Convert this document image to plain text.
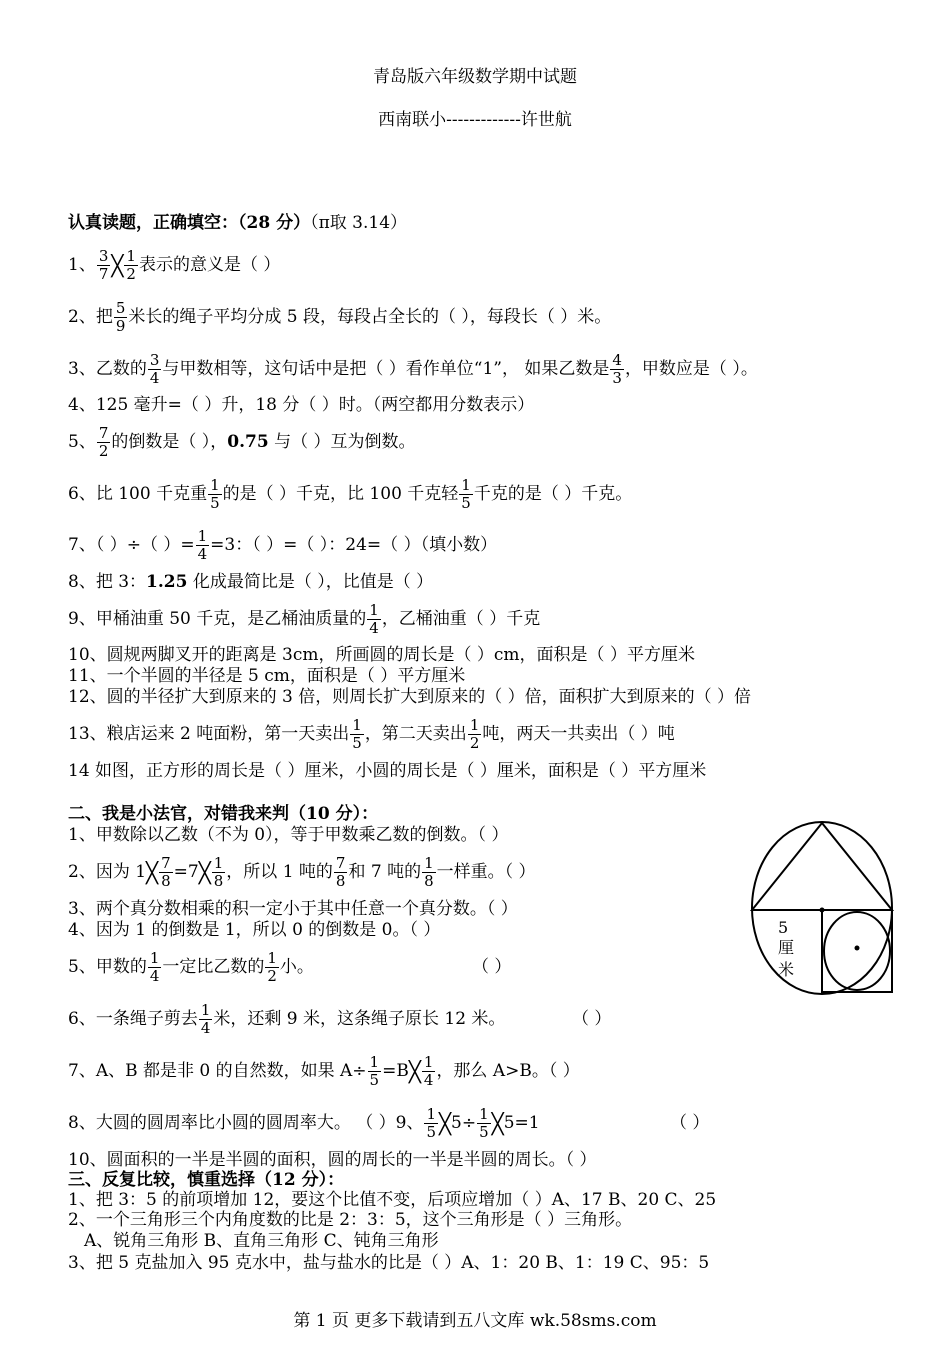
青岛版六年级数学期中试题
西南联小-------------许世航
认真读题，正确填空：（28 分）（π取 3.14）
1、 $\frac{3}{7}$ ╳ $\frac{1}{2}$ 表示的意义是（ ）
2、把 $\frac{5}{9}$ 米长的绳子平均分成 5 段，每段占全长的（ ），每段长（ ）米。
3、乙数的 $\frac{3}{4}$ 与甲数相等，这句话中是把（ ）看作单位“1”， 如果乙数是 $\frac{4}{3}$ ，甲数应是（ ）。
4、125 毫升=（ ）升，18 分（ ）时。（两空都用分数表示）
5、 $\frac{7}{2}$ 的倒数是（ ），0.75 与（ ）互为倒数。
6、比 100 千克重 $\frac{1}{5}$ 的是（ ）千克，比 100 千克轻 $\frac{1}{5}$ 千克的是（ ）千克。
7、（ ）÷（ ）= $\frac{1}{4} =3$：（ ）=（ ）：24=（ ）（填小数）
8、把 3：1.25 化成最简比是（ ），比值是（ ）
9、甲桶油重 50 千克，是乙桶油质量的 $\frac{1}{4}$ ，乙桶油重（ ）千克
10、圆规两脚叉开的距离是 3cm，所画圆的周长是（ ）cm，面积是（ ）平方厘米
11、一个半圆的半径是 5 cm，面积是（ ）平方厘米
12、圆的半径扩大到原来的 3 倍，则周长扩大到原来的（ ）倍，面积扩大到原来的（ ）倍
13、粮店运来 2 吨面粉，第一天卖出 $\frac{1}{5}$ ，第二天卖出 $\frac{1}{2}$ 吨，两天一共卖出（ ）吨
14 如图，正方形的周长是（ ）厘米，小圆的周长是（ ）厘米，面积是（ ）平方厘米
二、我是小法官，对错我来判（10 分）：
1、甲数除以乙数（不为 0），等于甲数乘乙数的倒数。（ ）
2、因为 1╳ $\frac{7}{8}$ =7╳ $\frac{1}{8}$ ，所以 1 吨的 $\frac{7}{8}$ 和 7 吨的 $\frac{1}{8}$ 一样重。（ ）
3、两个真分数相乘的积一定小于其中任意一个真分数。（ ）
4、因为 1 的倒数是 1，所以 0 的倒数是 0。（ ）
5、甲数的 $\frac{1}{4}$ 一定比乙数的 $\frac{1}{2}$ 小。	（ ）
6、一条绳子剪去 $\frac{1}{4}$ 米，还剩 9 米，这条绳子原长 12 米。	（ ）
7、A、B 都是非 0 的自然数，如果 $A\div \frac{1}{5}$ =B╳ $\frac{1}{4}$ ，那么 A>B。（ ）
8、大圆的圆周率比小圆的圆周率大。 （ ）9、 $\frac{1}{5}$ ╳5÷ $\frac{1}{5}$ ╳5=1	（ ）
10、圆面积的一半是半圆的面积，圆的周长的一半是半圆的周长。（ ）
三、反复比较，慎重选择（12 分）：
1、把 3：5 的前项增加 12，要这个比值不变，后项应增加（ ）A、17 B、20 C、25
2、一个三角形三个内角度数的比是 2：3：5，这个三角形是（ ）三角形。
A、锐角三角形 B、直角三角形 C、钝角三角形
3、把 5 克盐加入 95 克水中，盐与盐水的比是（ ）A、1：20 B、1：19 C、95：5
5
厘
米
第 1 页 更多下载请到五八文库 wk.58sms.com
